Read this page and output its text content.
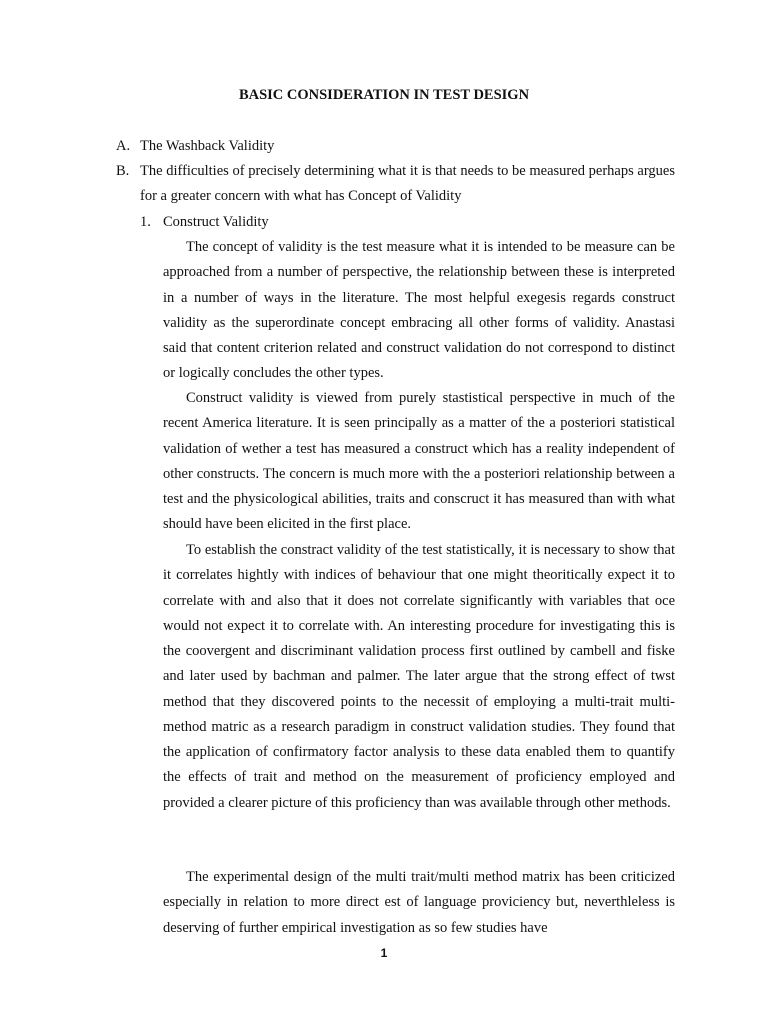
BASIC CONSIDERATION IN TEST DESIGN
A. The Washback Validity
B. The difficulties of precisely determining what it is that needs to be measured perhaps argues for a greater concern with what has Concept of Validity
1. Construct Validity

The concept of validity is the test measure what it is intended to be measure can be approached from a number of perspective, the relationship between these is interpreted in a number of ways in the literature. The most helpful exegesis regards construct validity as the superordinate concept embracing all other forms of validity. Anastasi said that content criterion related and construct validation do not correspond to distinct or logically concludes the other types.

Construct validity is viewed from purely stastistical perspective in much of the recent America literature. It is seen principally as a matter of the a posteriori statistical validation of wether a test has measured a construct which has a reality independent of other constructs. The concern is much more with the a posteriori relationship between a test and the physicological abilities, traits and conscruct it has measured than with what should have been elicited in the first place.

To establish the constract validity of the test statistically, it is necessary to show that it correlates hightly with indices of behaviour that one might theoritically expect it to correlate with and also that it does not correlate significantly with variables that oce would not expect it to correlate with. An interesting procedure for investigating this is the coovergent and discriminant validation process first outlined by cambell and fiske and later used by bachman and palmer. The later argue that the strong effect of twst method that they discovered points to the necessit of employing a multi-trait multi-method matric as a research paradigm in construct validation studies. They found that the application of confirmatory factor analysis to these data enabled them to quantify the effects of trait and method on the measurement of proficiency employed and provided a clearer picture of this proficiency than was available through other methods.

The experimental design of the multi trait/multi method matrix has been criticized especially in relation to more direct est of language proviciency but, neverthleless is deserving of further empirical investigation as so few studies have

1
